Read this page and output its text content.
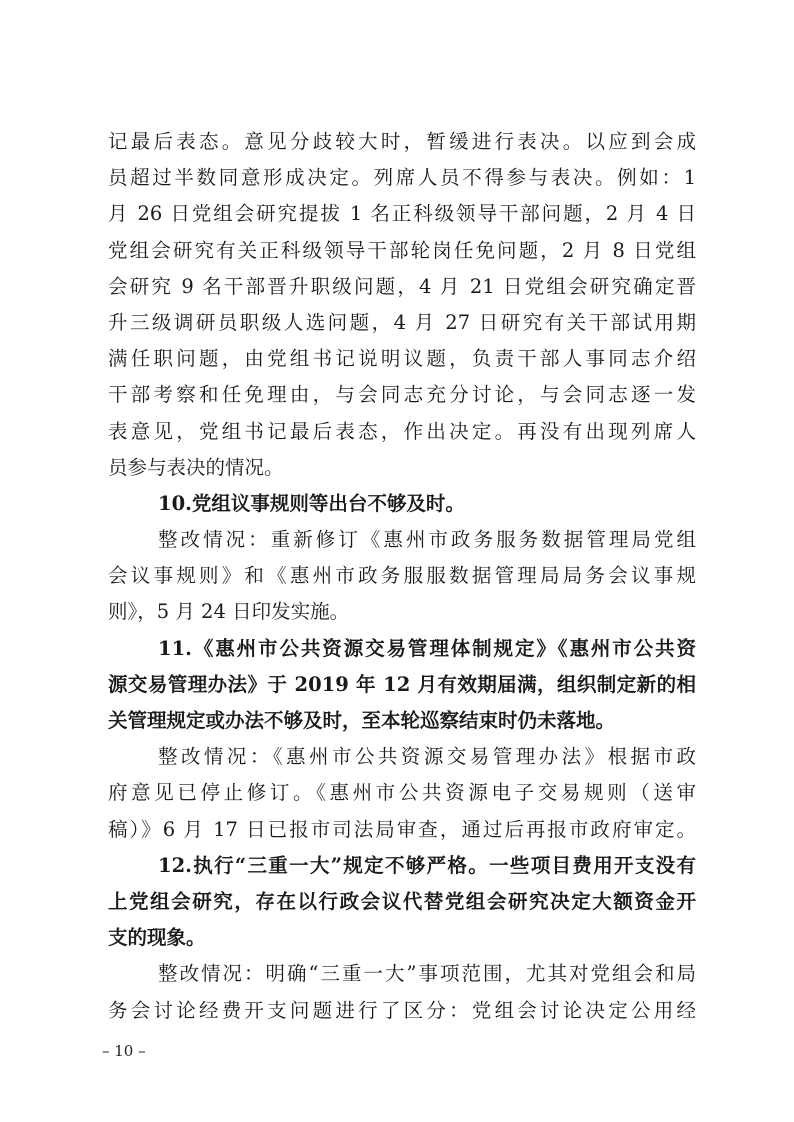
记最后表态。意见分歧较大时，暂缓进行表决。以应到会成
员超过半数同意形成决定。列席人员不得参与表决。例如：1
月 26 日党组会研究提拔 1 名正科级领导干部问题，2 月 4 日
党组会研究有关正科级领导干部轮岗任免问题，2 月 8 日党组
会研究 9 名干部晋升职级问题，4 月 21 日党组会研究确定晋
升三级调研员职级人选问题，4 月 27 日研究有关干部试用期
满任职问题，由党组书记说明议题，负责干部人事同志介绍
干部考察和任免理由，与会同志充分讨论，与会同志逐一发
表意见，党组书记最后表态，作出决定。再没有出现列席人
员参与表决的情况。
10.党组议事规则等出台不够及时。
整改情况：重新修订《惠州市政务服务数据管理局党组
会议事规则》和《惠州市政务服服数据管理局局务会议事规
则》，5 月 24 日印发实施。
11.《惠州市公共资源交易管理体制规定》《惠州市公共资
源交易管理办法》于 2019 年 12 月有效期届满，组织制定新的相
关管理规定或办法不够及时，至本轮巡察结束时仍未落地。
整改情况：《惠州市公共资源交易管理办法》根据市政
府意见已停止修订。《惠州市公共资源电子交易规则（送审
稿）》6 月 17 日已报市司法局审查，通过后再报市政府审定。
12.执行“三重一大”规定不够严格。一些项目费用开支没有
上党组会研究，存在以行政会议代替党组会研究决定大额资金开
支的现象。
整改情况：明确“三重一大”事项范围，尤其对党组会和局
务会讨论经费开支问题进行了区分：党组会讨论决定公用经
– 10 –
